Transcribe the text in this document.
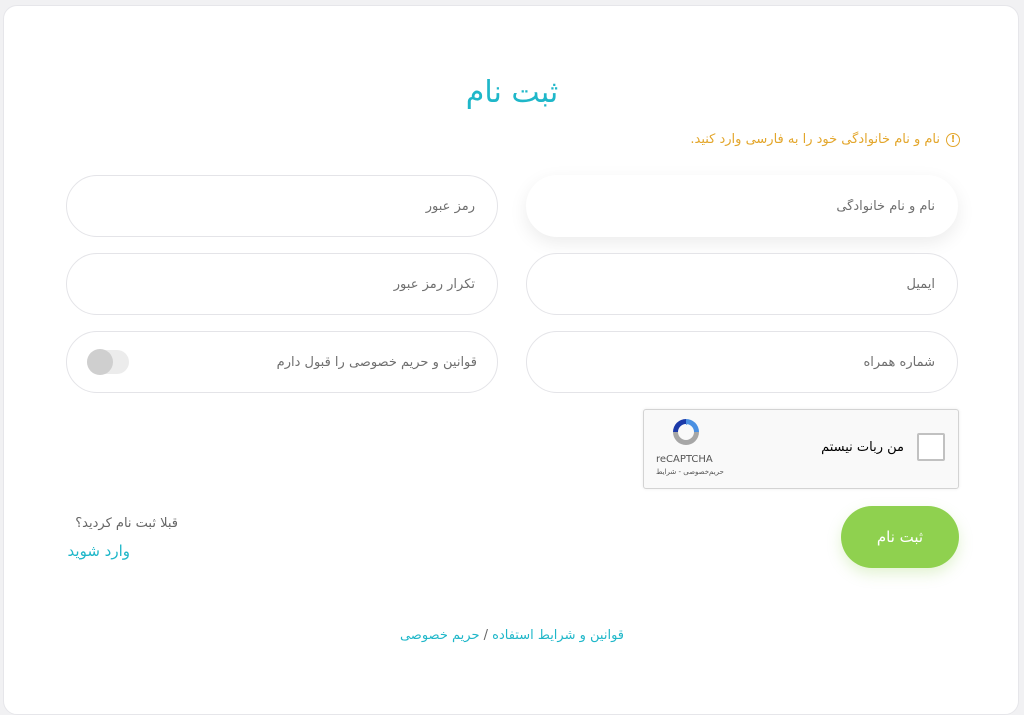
ثبت نام
!
نام و نام خانوادگی خود را به فارسی وارد کنید.
نام و نام خانوادگی
ایمیل
شماره همراه
قوانین و حریم خصوصی را قبول دارم
من ربات نیستم
reCAPTCHA
حریم‌خصوصی - شرایط
ثبت نام
قبلا ثبت نام کردید؟
وارد شوید
قوانین و شرایط استفاده / حریم خصوصی
